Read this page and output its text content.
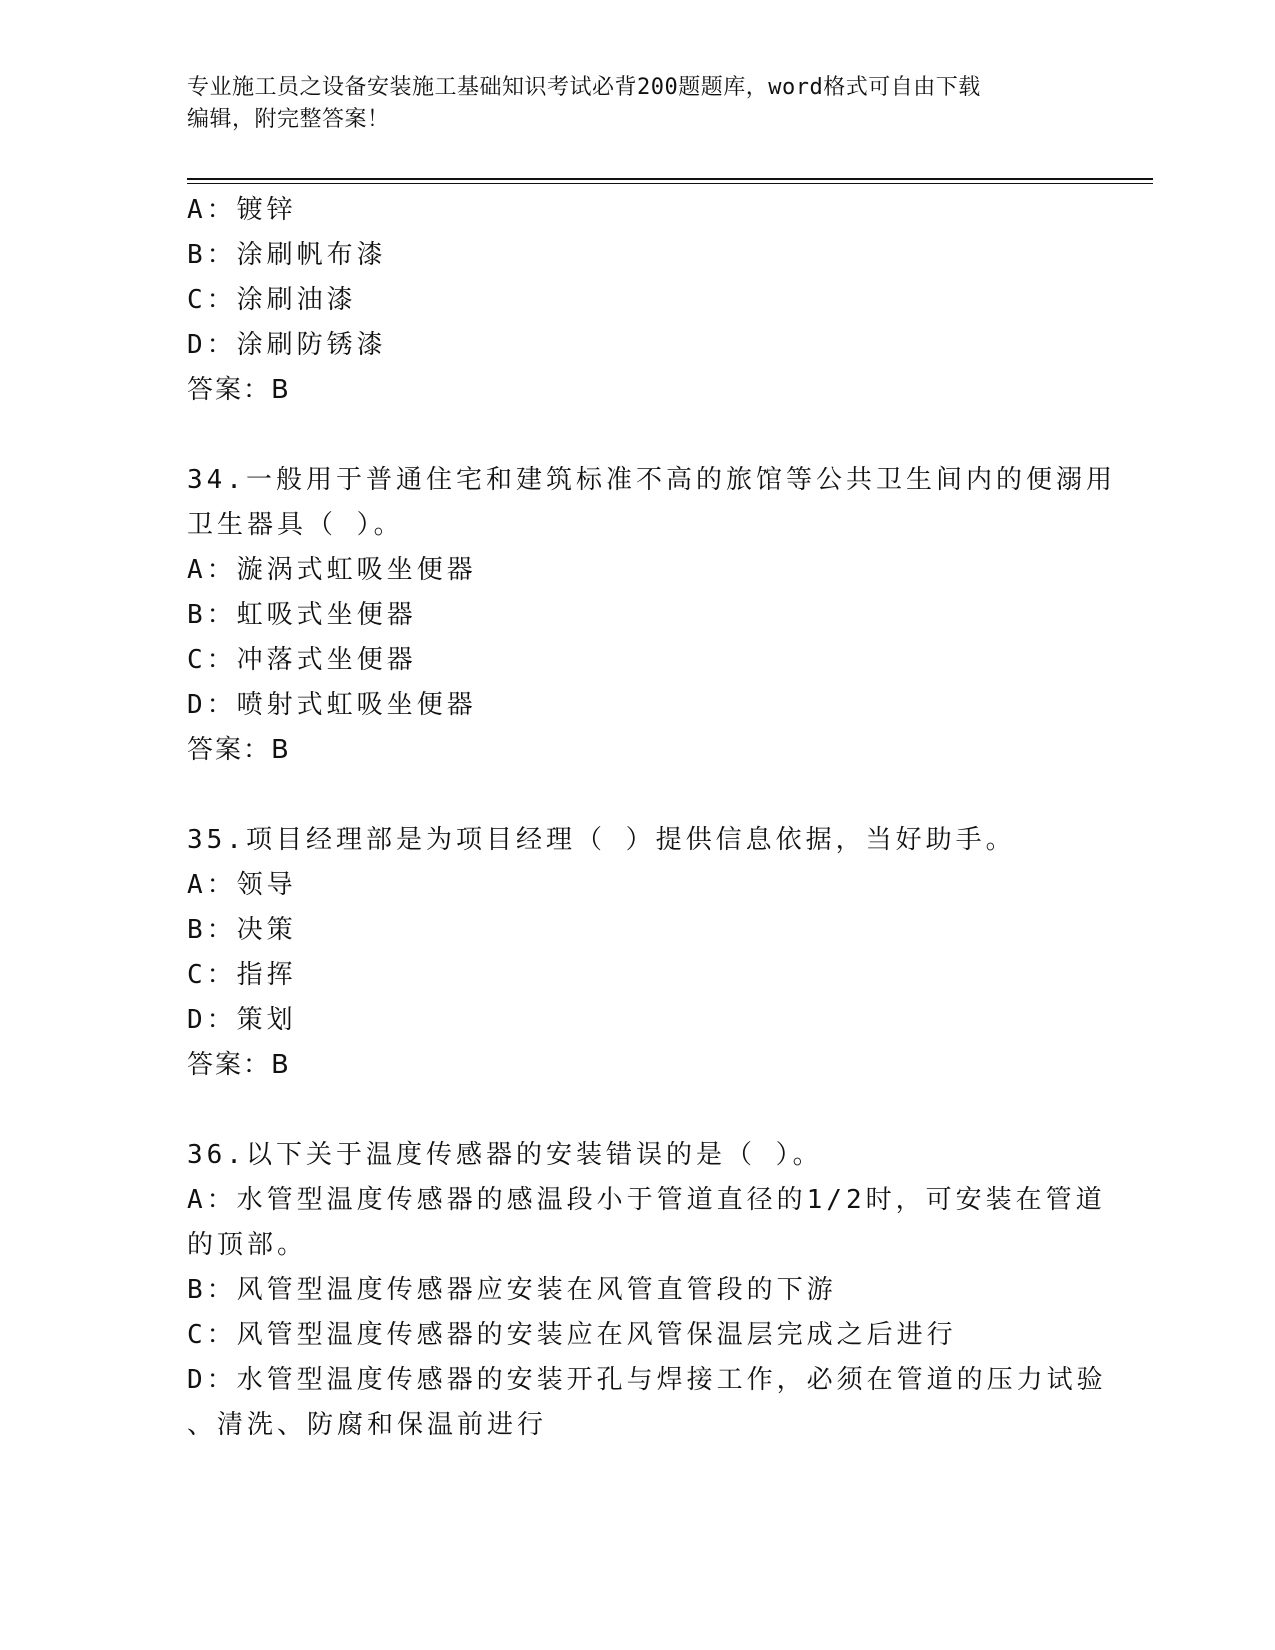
专业施工员之设备安装施工基础知识考试必背200题题库，word格式可自由下载
编辑，附完整答案！
A：镀锌
B：涂刷帆布漆
C：涂刷油漆
D：涂刷防锈漆
答案：B
34.一般用于普通住宅和建筑标准不高的旅馆等公共卫生间内的便溺用
卫生器具（ ）。
A：漩涡式虹吸坐便器
B：虹吸式坐便器
C：冲落式坐便器
D：喷射式虹吸坐便器
答案：B
35.项目经理部是为项目经理（ ）提供信息依据，当好助手。
A：领导
B：决策
C：指挥
D：策划
答案：B
36.以下关于温度传感器的安装错误的是（ ）。
A：水管型温度传感器的感温段小于管道直径的1/2时，可安装在管道
的顶部。
B：风管型温度传感器应安装在风管直管段的下游
C：风管型温度传感器的安装应在风管保温层完成之后进行
D：水管型温度传感器的安装开孔与焊接工作，必须在管道的压力试验
、清洗、防腐和保温前进行
